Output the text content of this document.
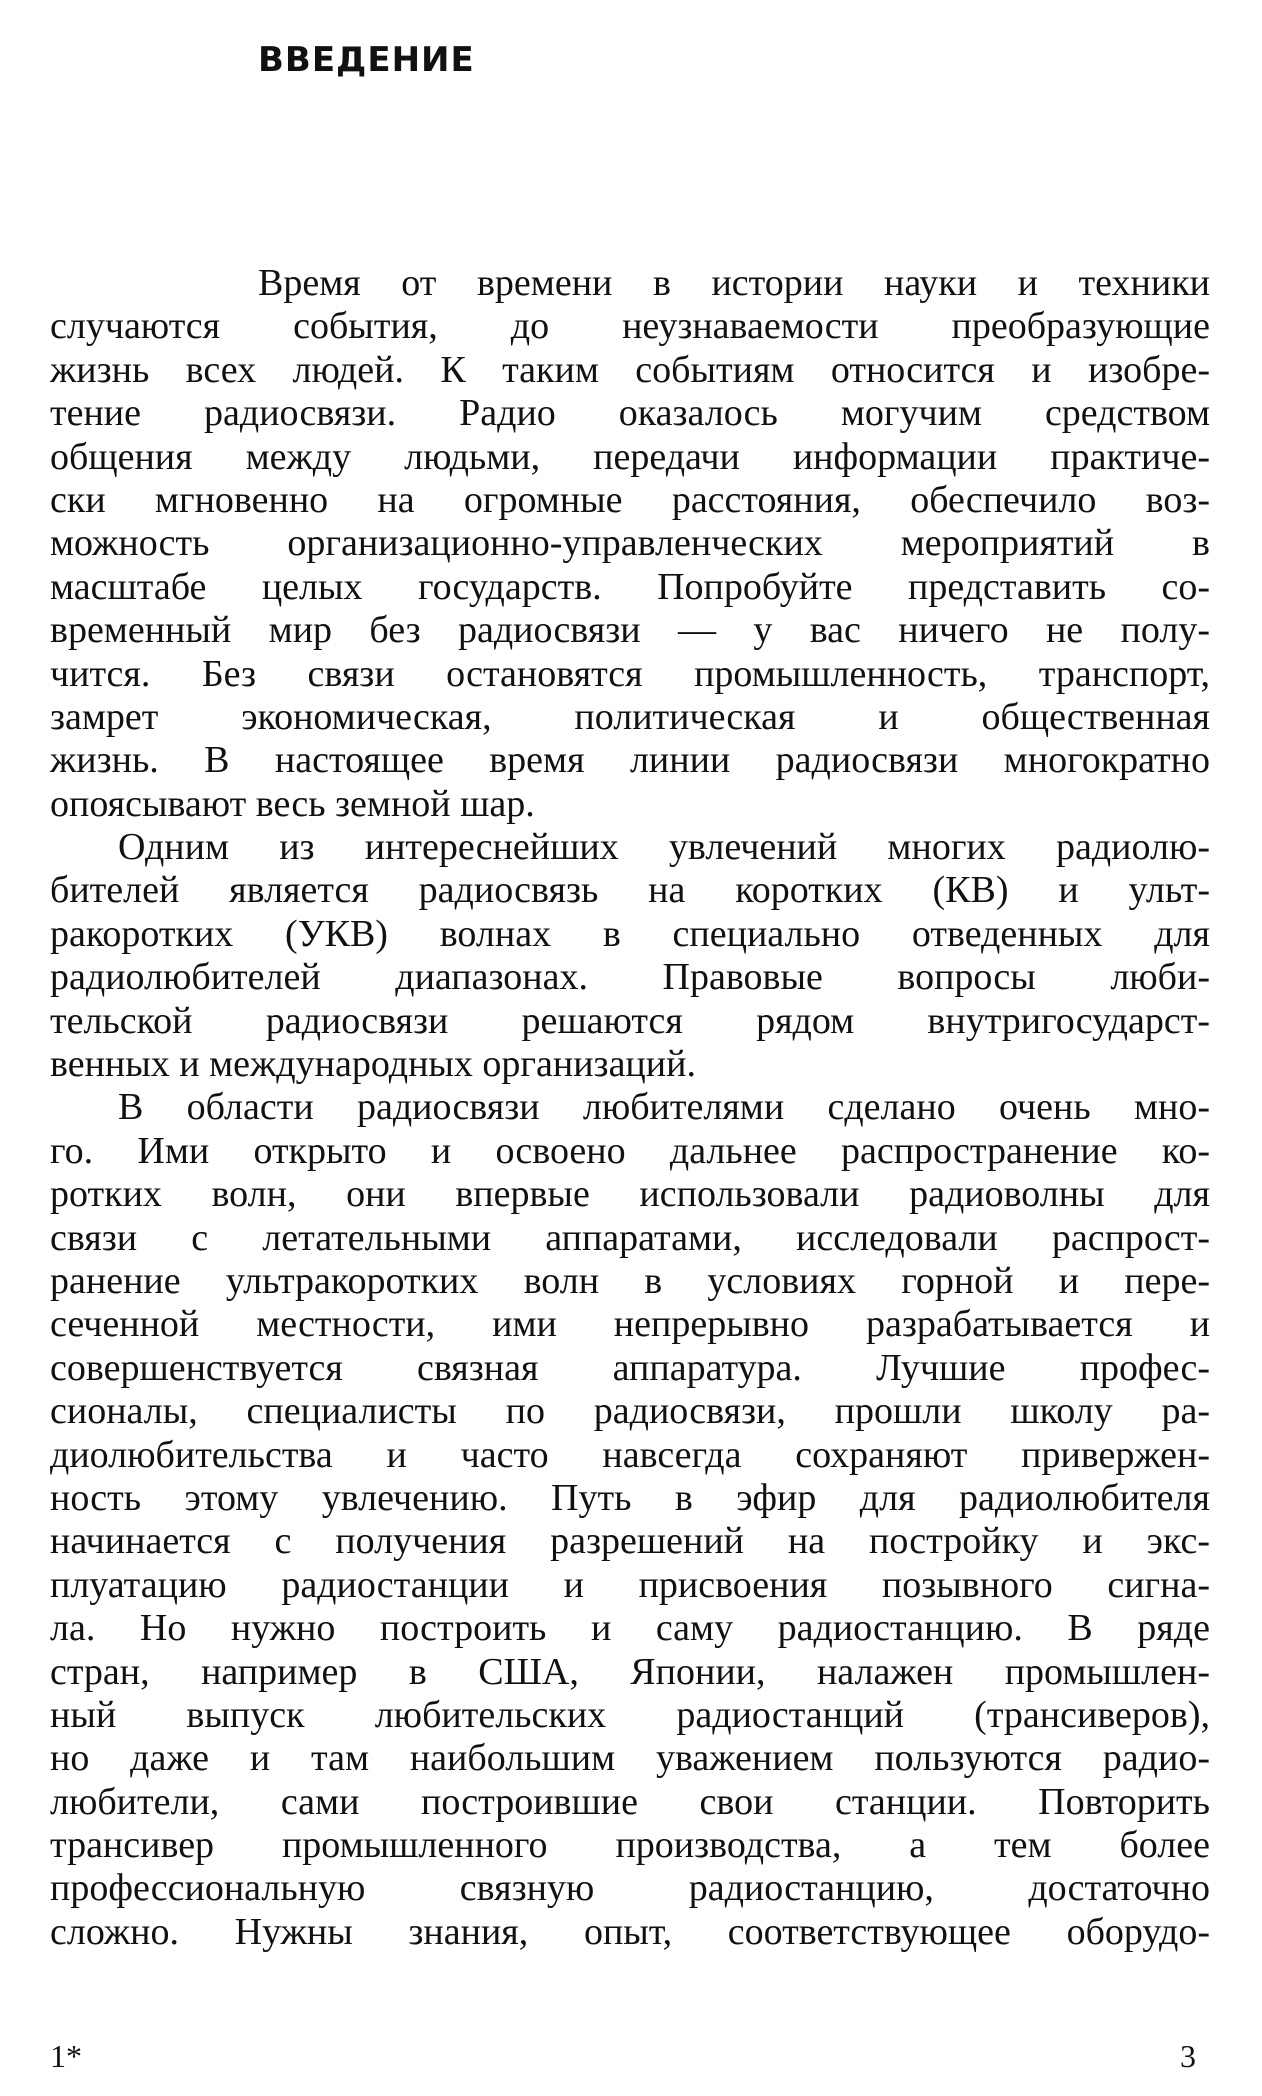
ВВЕДЕНИЕ
Время от времени в истории науки и техники
случаются события, до неузнаваемости преобразующие
жизнь всех людей. К таким событиям относится и изобре-
тение радиосвязи. Радио оказалось могучим средством
общения между людьми, передачи информации практиче-
ски мгновенно на огромные расстояния, обеспечило воз-
можность организационно-управленческих мероприятий в
масштабе целых государств. Попробуйте представить со-
временный мир без радиосвязи — у вас ничего не полу-
чится. Без связи остановятся промышленность, транспорт,
замрет экономическая, политическая и общественная
жизнь. В настоящее время линии радиосвязи многократно
опоясывают весь земной шар.
Одним из интереснейших увлечений многих радиолю-
бителей является радиосвязь на коротких (КВ) и ульт-
ракоротких (УКВ) волнах в специально отведенных для
радиолюбителей диапазонах. Правовые вопросы люби-
тельской радиосвязи решаются рядом внутригосударст-
венных и международных организаций.
В области радиосвязи любителями сделано очень мно-
го. Ими открыто и освоено дальнее распространение ко-
ротких волн, они впервые использовали радиоволны для
связи с летательными аппаратами, исследовали распрост-
ранение ультракоротких волн в условиях горной и пере-
сеченной местности, ими непрерывно разрабатывается и
совершенствуется связная аппаратура. Лучшие профес-
сионалы, специалисты по радиосвязи, прошли школу ра-
диолюбительства и часто навсегда сохраняют привержен-
ность этому увлечению. Путь в эфир для радиолюбителя
начинается с получения разрешений на постройку и экс-
плуатацию радиостанции и присвоения позывного сигна-
ла. Но нужно построить и саму радиостанцию. В ряде
стран, например в США, Японии, налажен промышлен-
ный выпуск любительских радиостанций (трансиверов),
но даже и там наибольшим уважением пользуются радио-
любители, сами построившие свои станции. Повторить
трансивер промышленного производства, а тем более
профессиональную связную радиостанцию, достаточно
сложно. Нужны знания, опыт, соответствующее оборудо-
1*	3
